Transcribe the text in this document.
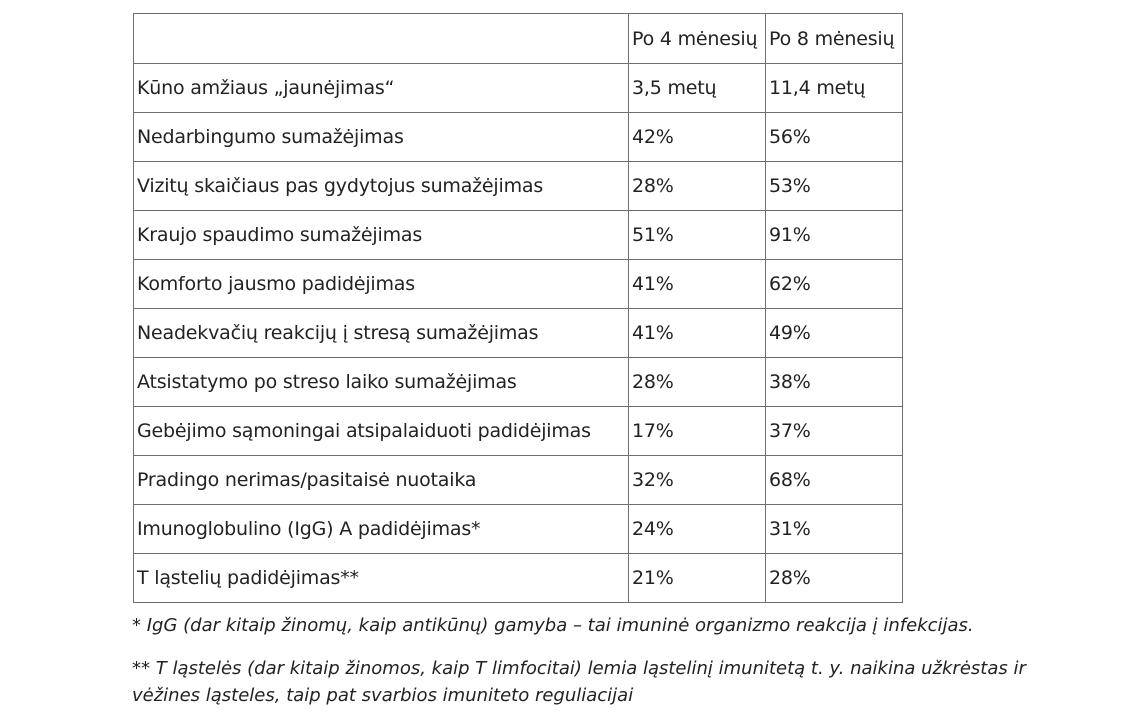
	Po 4 mėnesių	Po 8 mėnesių
Kūno amžiaus „jaunėjimas“	3,5 metų	11,4 metų
Nedarbingumo sumažėjimas	42%	56%
Vizitų skaičiaus pas gydytojus sumažėjimas	28%	53%
Kraujo spaudimo sumažėjimas	51%	91%
Komforto jausmo padidėjimas	41%	62%
Neadekvačių reakcijų į stresą sumažėjimas	41%	49%
Atsistatymo po streso laiko sumažėjimas	28%	38%
Gebėjimo sąmoningai atsipalaiduoti padidėjimas	17%	37%
Pradingo nerimas/pasitaisė nuotaika	32%	68%
Imunoglobulino (IgG) A padidėjimas*	24%	31%
T ląstelių padidėjimas**	21%	28%

* IgG (dar kitaip žinomų, kaip antikūnų) gamyba – tai imuninė organizmo reakcija į infekcijas.

** T ląstelės (dar kitaip žinomos, kaip T limfocitai) lemia ląstelinį imunitetą t. y. naikina užkrėstas ir vėžines ląsteles, taip pat svarbios imuniteto reguliacijai
